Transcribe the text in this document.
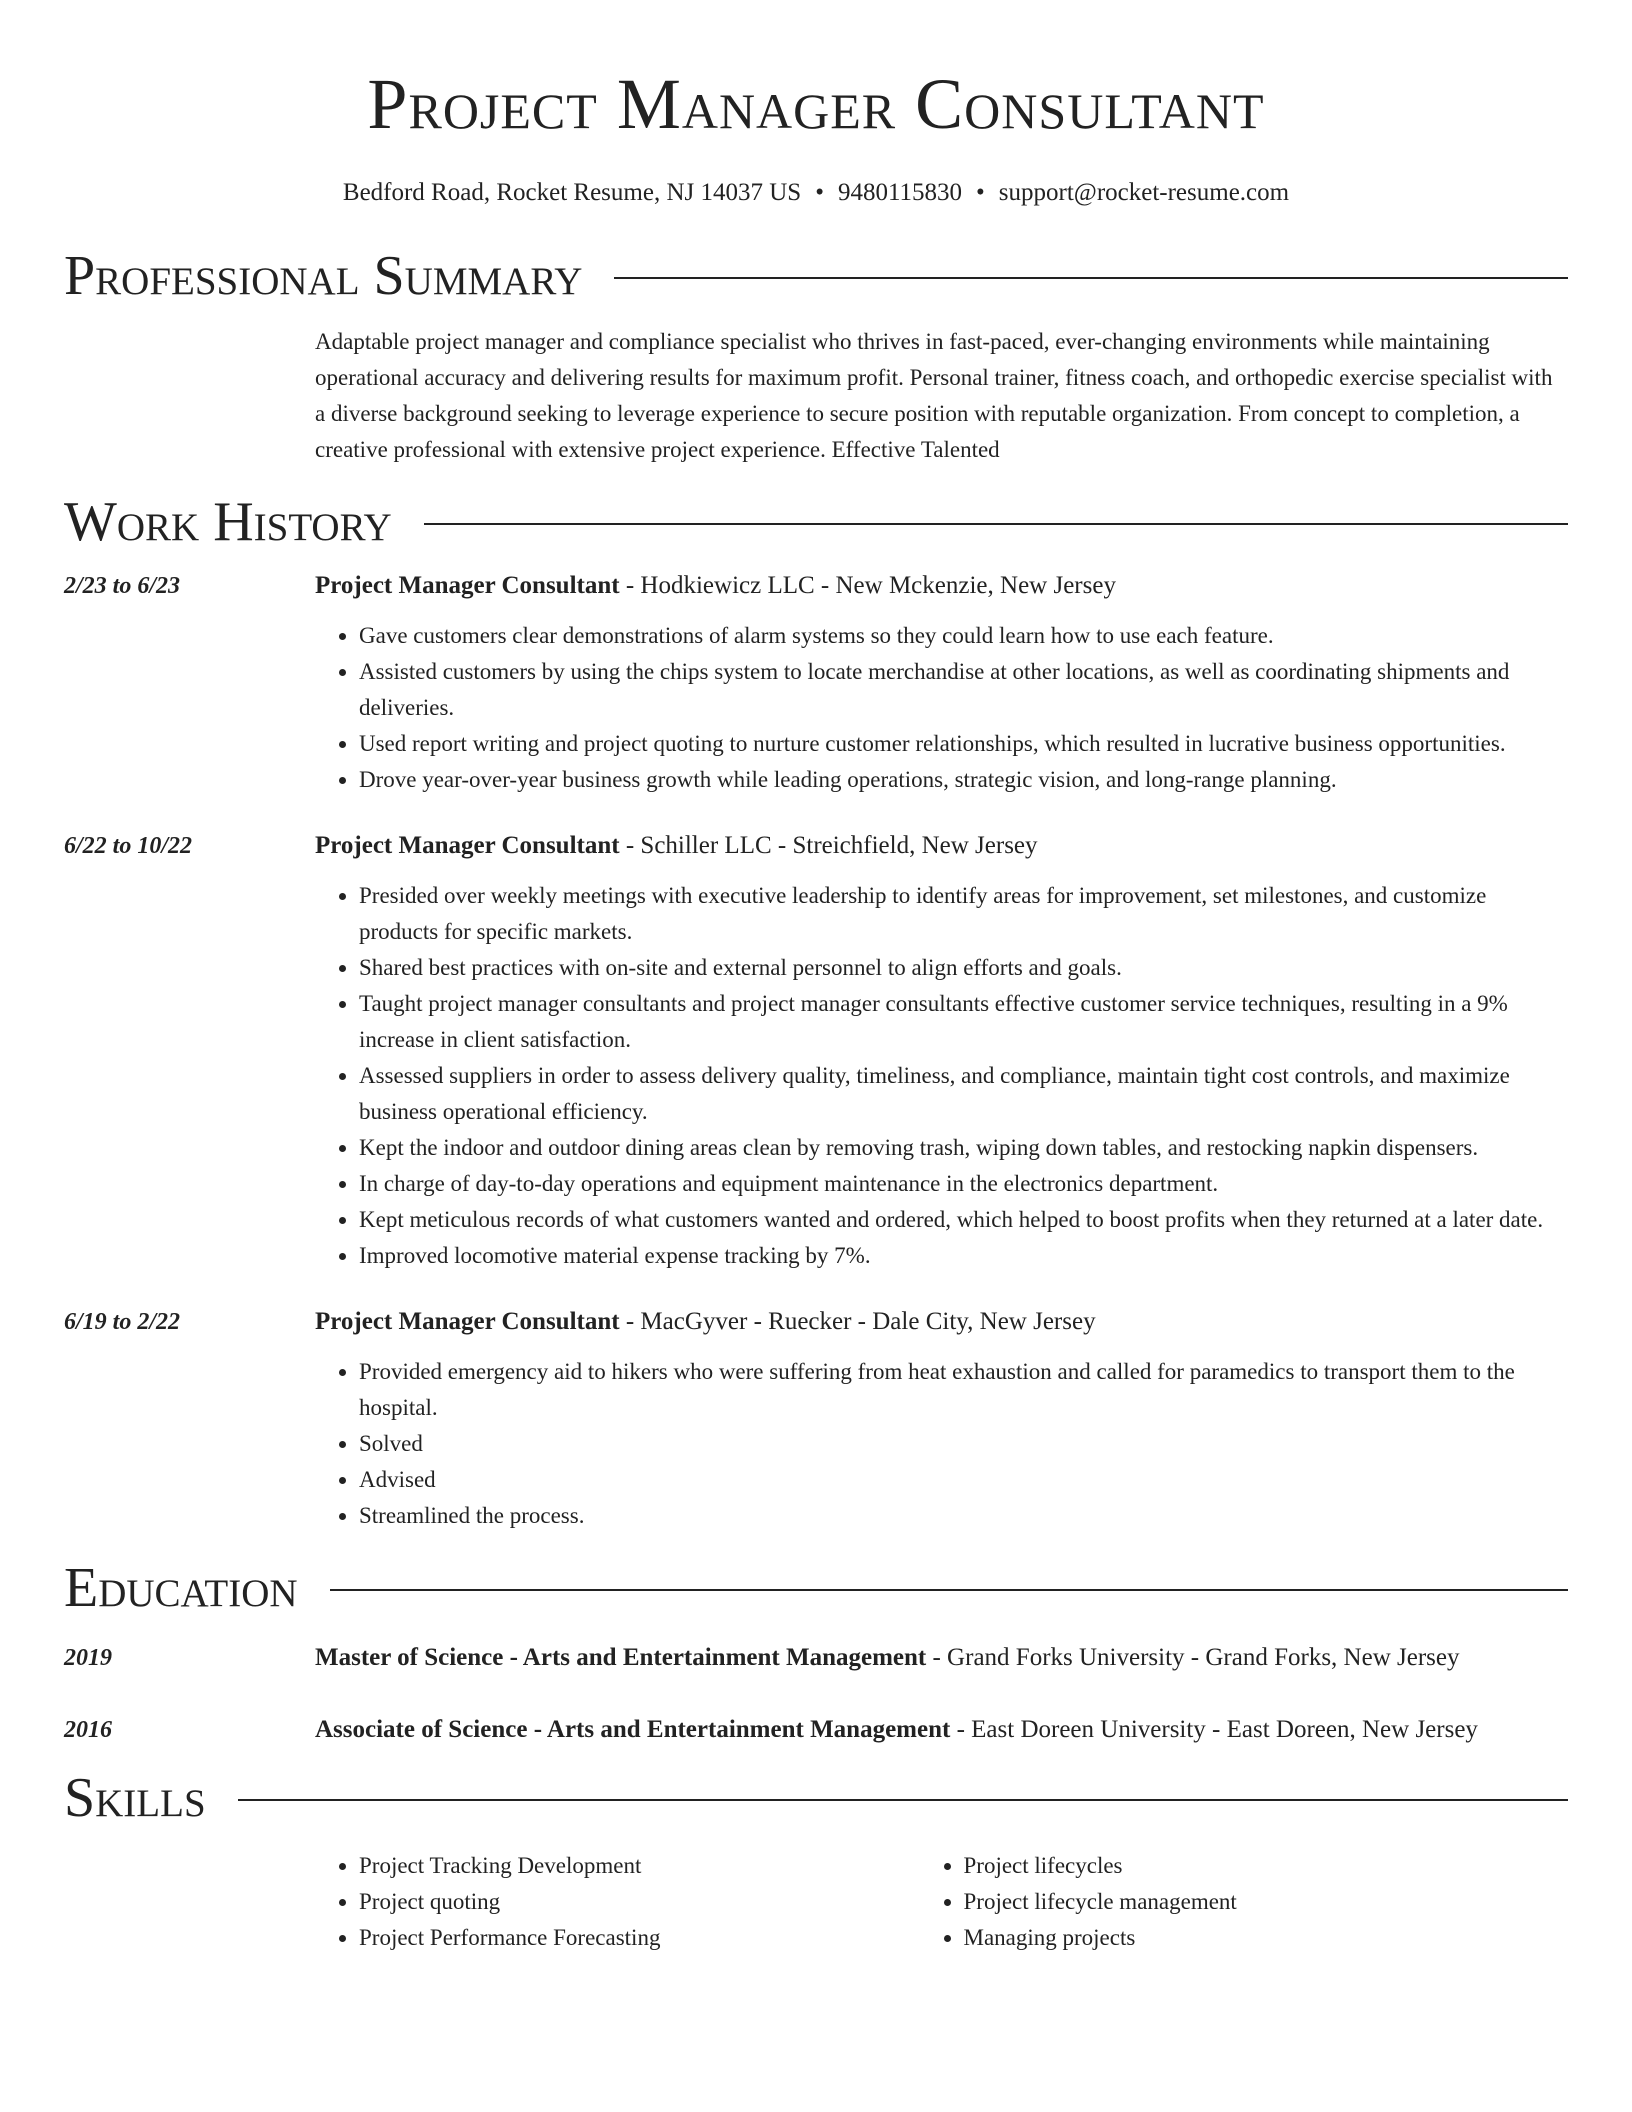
Project Manager Consultant
Bedford Road, Rocket Resume, NJ 14037 US • 9480115830 • support@rocket-resume.com
Professional Summary

Adaptable project manager and compliance specialist who thrives in fast-paced, ever-changing environments while maintaining operational accuracy and delivering results for maximum profit. Personal trainer, fitness coach, and orthopedic exercise specialist with a diverse background seeking to leverage experience to secure position with reputable organization. From concept to completion, a creative professional with extensive project experience. Effective Talented

Work History
2/23 to 6/23	Project Manager Consultant - Hodkiewicz LLC - New Mckenzie, New Jersey
• Gave customers clear demonstrations of alarm systems so they could learn how to use each feature.
• Assisted customers by using the chips system to locate merchandise at other locations, as well as coordinating shipments and deliveries.
• Used report writing and project quoting to nurture customer relationships, which resulted in lucrative business opportunities.
• Drove year-over-year business growth while leading operations, strategic vision, and long-range planning.
6/22 to 10/22	Project Manager Consultant - Schiller LLC - Streichfield, New Jersey
• Presided over weekly meetings with executive leadership to identify areas for improvement, set milestones, and customize products for specific markets.
• Shared best practices with on-site and external personnel to align efforts and goals.
• Taught project manager consultants and project manager consultants effective customer service techniques, resulting in a 9% increase in client satisfaction.
• Assessed suppliers in order to assess delivery quality, timeliness, and compliance, maintain tight cost controls, and maximize business operational efficiency.
• Kept the indoor and outdoor dining areas clean by removing trash, wiping down tables, and restocking napkin dispensers.
• In charge of day-to-day operations and equipment maintenance in the electronics department.
• Kept meticulous records of what customers wanted and ordered, which helped to boost profits when they returned at a later date.
• Improved locomotive material expense tracking by 7%.
6/19 to 2/22	Project Manager Consultant - MacGyver - Ruecker - Dale City, New Jersey
• Provided emergency aid to hikers who were suffering from heat exhaustion and called for paramedics to transport them to the hospital.
• Solved
• Advised
• Streamlined the process.
Education
2019	Master of Science - Arts and Entertainment Management - Grand Forks University - Grand Forks, New Jersey
2016	Associate of Science - Arts and Entertainment Management - East Doreen University - East Doreen, New Jersey
Skills
• Project Tracking Development
• Project quoting
• Project Performance Forecasting
• Project lifecycles
• Project lifecycle management
• Managing projects
